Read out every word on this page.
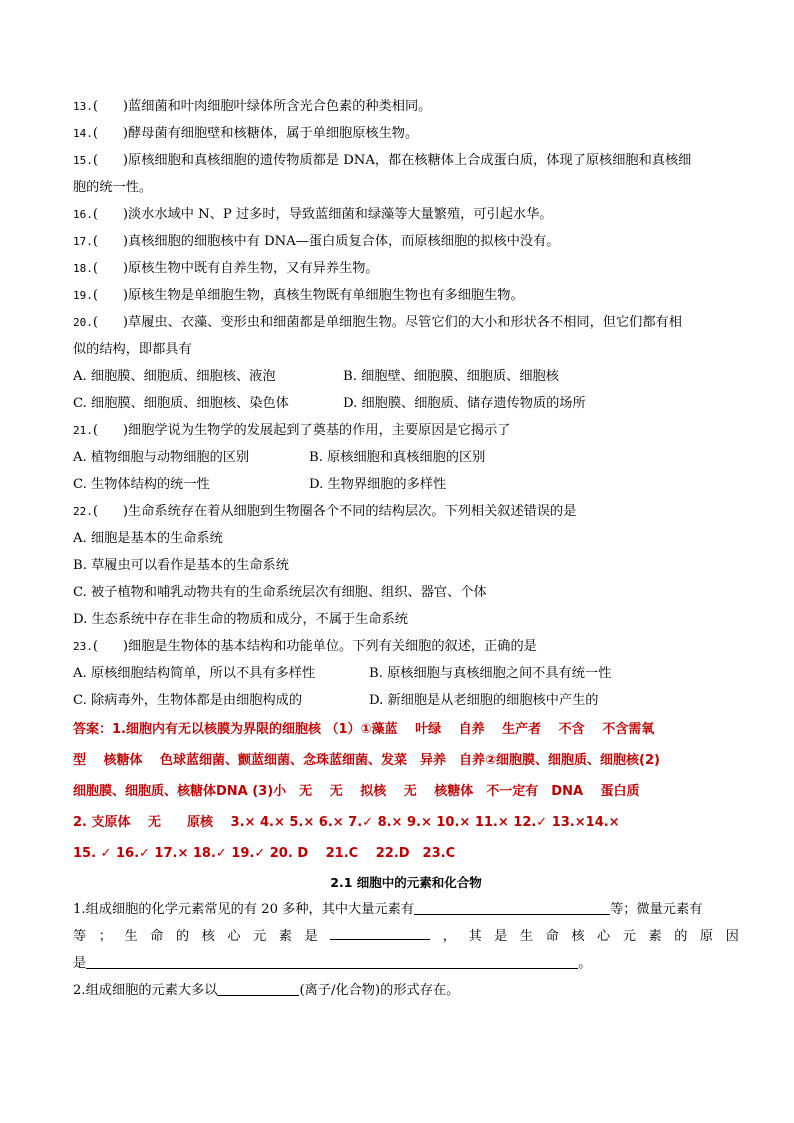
13.( )蓝细菌和叶肉细胞叶绿体所含光合色素的种类相同。
14.( )酵母菌有细胞壁和核糖体，属于单细胞原核生物。
15.( )原核细胞和真核细胞的遗传物质都是 DNA，都在核糖体上合成蛋白质，体现了原核细胞和真核细
胞的统一性。
16.( )淡水水域中 N、P 过多时，导致蓝细菌和绿藻等大量繁殖，可引起水华。
17.( )真核细胞的细胞核中有 DNA—蛋白质复合体，而原核细胞的拟核中没有。
18.( )原核生物中既有自养生物，又有异养生物。
19.( )原核生物是单细胞生物，真核生物既有单细胞生物也有多细胞生物。
20.( )草履虫、衣藻、变形虫和细菌都是单细胞生物。尽管它们的大小和形状各不相同，但它们都有相
似的结构，即都具有
A. 细胞膜、细胞质、细胞核、液泡	B. 细胞壁、细胞膜、细胞质、细胞核
C. 细胞膜、细胞质、细胞核、染色体	D. 细胞膜、细胞质、储存遗传物质的场所
21.( )细胞学说为生物学的发展起到了奠基的作用，主要原因是它揭示了
A. 植物细胞与动物细胞的区别	B. 原核细胞和真核细胞的区别
C. 生物体结构的统一性	D. 生物界细胞的多样性
22.( )生命系统存在着从细胞到生物圈各个不同的结构层次。下列相关叙述错误的是
A. 细胞是基本的生命系统
B. 草履虫可以看作是基本的生命系统
C. 被子植物和哺乳动物共有的生命系统层次有细胞、组织、器官、个体
D. 生态系统中存在非生命的物质和成分，不属于生命系统
23.( )细胞是生物体的基本结构和功能单位。下列有关细胞的叙述，正确的是
A. 原核细胞结构简单，所以不具有多样性	B. 原核细胞与真核细胞之间不具有统一性
C. 除病毒外，生物体都是由细胞构成的	D. 新细胞是从老细胞的细胞核中产生的
答案：1.细胞内有无以核膜为界限的细胞核 （1）①藻蓝　 叶绿　 自养　 生产者　 不含　 不含需氧
型　 核糖体　 色球蓝细菌、颤蓝细菌、念珠蓝细菌、发菜　异养　自养②细胞膜、细胞质、细胞核(2)
细胞膜、细胞质、核糖体DNA (3)小　无　 无　 拟核　 无　 核糖体　不一定有　DNA　 蛋白质
2. 支原体　 无　　原核　 3.× 4.× 5.× 6.× 7.✓ 8.× 9.× 10.× 11.× 12.✓ 13.×14.×
15. ✓ 16.✓ 17.× 18.✓ 19.✓ 20. D　 21.C　 22.D　23.C
2.1 细胞中的元素和化合物
1.组成细胞的化学元素常见的有 20 多种，其中大量元素有	等；微量元素有
等 ； 生 命 的 核 心 元 素 是	， 其 是 生 命 核 心 元 素 的 原 因
是	。
2.组成细胞的元素大多以	(离子/化合物)的形式存在。
